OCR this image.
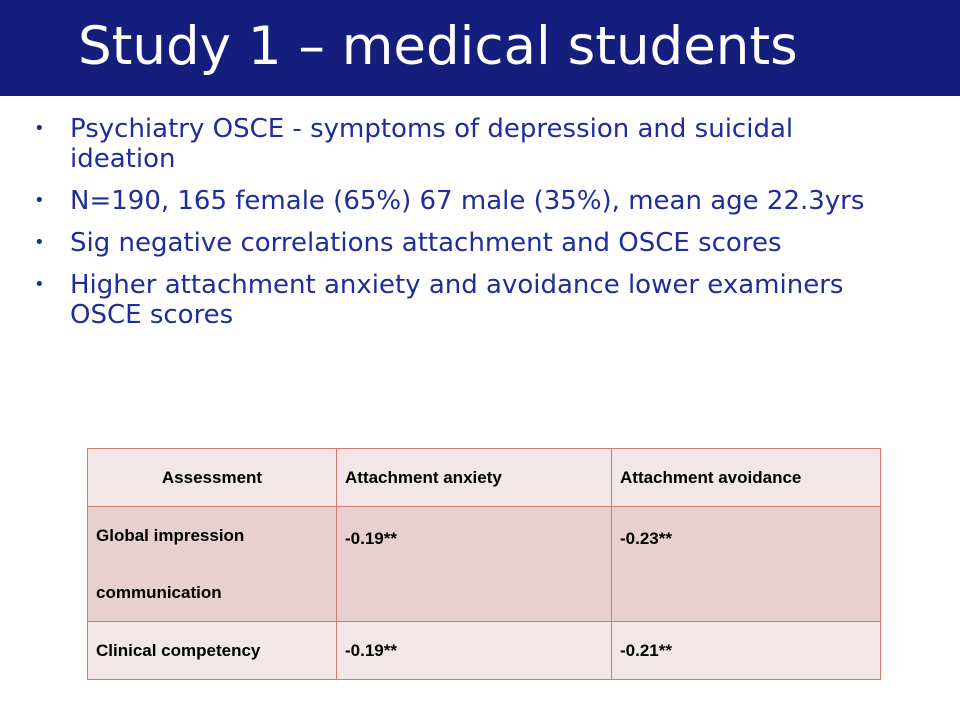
Study 1 – medical students
• Psychiatry OSCE - symptoms of depression and suicidal ideation
• N=190, 165 female (65%) 67 male (35%), mean age 22.3yrs
• Sig negative correlations attachment and OSCE scores
• Higher attachment anxiety and avoidance lower examiners OSCE scores
Assessment	Attachment anxiety	Attachment avoidance

Global impression
communication	-0.19**	-0.23**
Clinical competency	-0.19**	-0.21**
